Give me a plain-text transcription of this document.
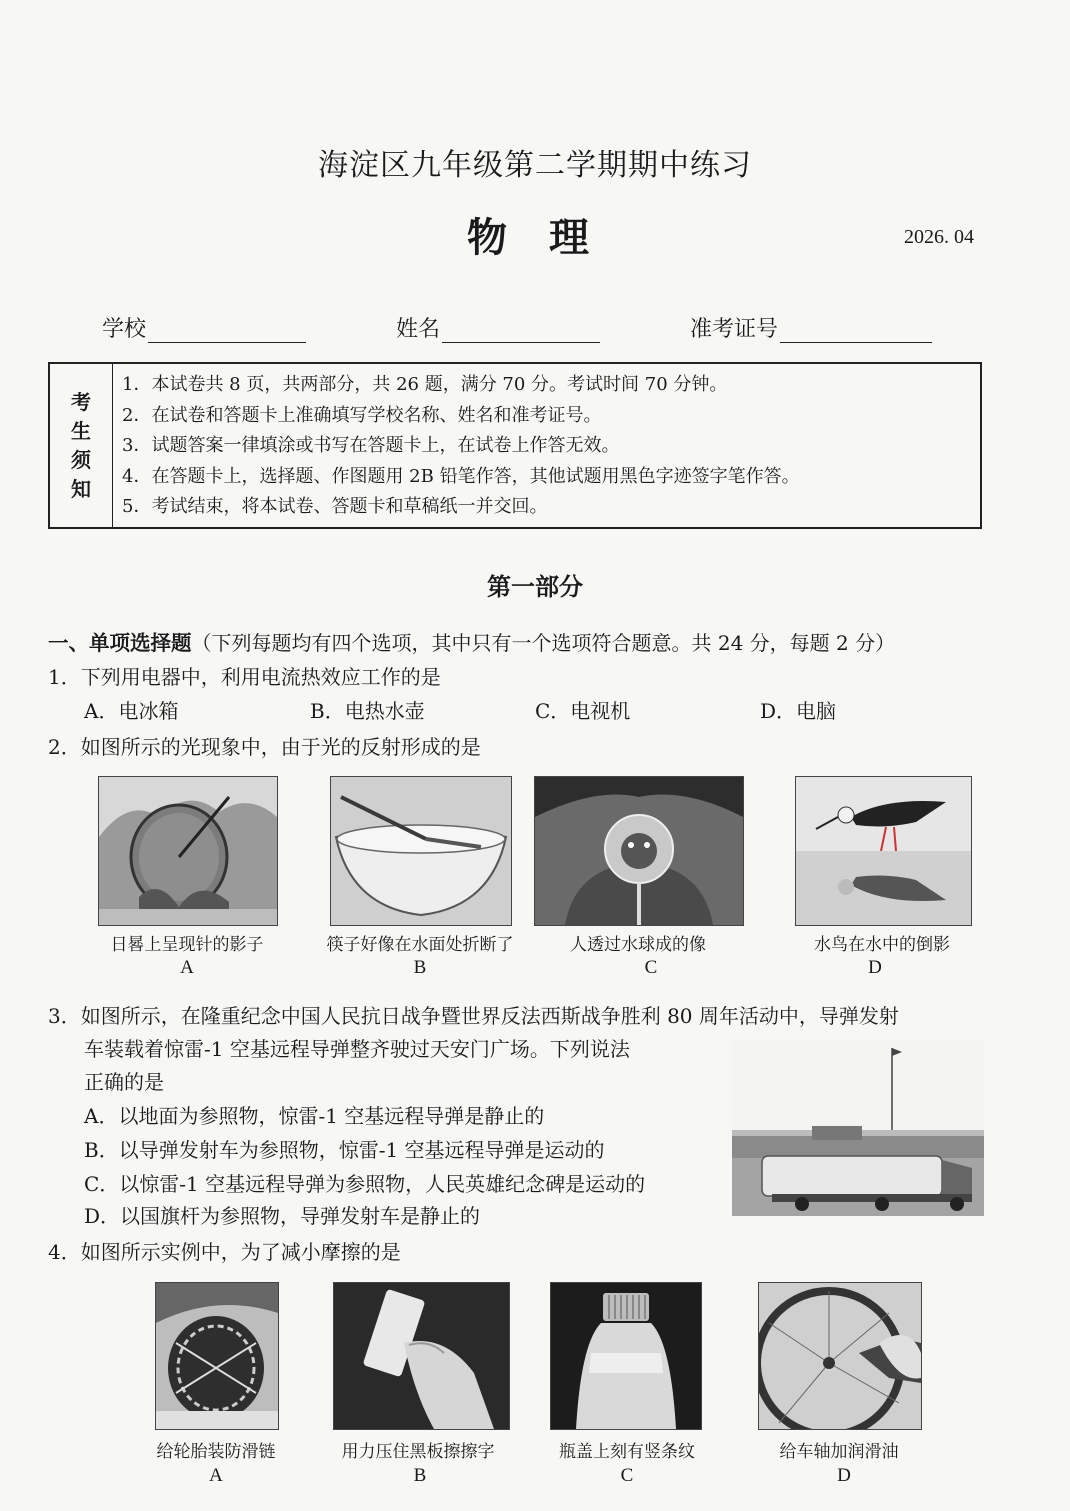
海淀区九年级第二学期期中练习
物 理	2026. 04
学校	姓名	准考证号
考
生
须
知
1．本试卷共 8 页，共两部分，共 26 题，满分 70 分。考试时间 70 分钟。
2．在试卷和答题卡上准确填写学校名称、姓名和准考证号。
3．试题答案一律填涂或书写在答题卡上，在试卷上作答无效。
4．在答题卡上，选择题、作图题用 2B 铅笔作答，其他试题用黑色字迹签字笔作答。
5．考试结束，将本试卷、答题卡和草稿纸一并交回。
第一部分
一、单项选择题（下列每题均有四个选项，其中只有一个选项符合题意。共 24 分，每题 2 分）
1．下列用电器中，利用电流热效应工作的是
A．电冰箱	B．电热水壶	C．电视机	D．电脑
2．如图所示的光现象中，由于光的反射形成的是
日晷上呈现针的影子	筷子好像在水面处折断了	人透过水球成的像	水鸟在水中的倒影
A	B	C	D
3．如图所示，在隆重纪念中国人民抗日战争暨世界反法西斯战争胜利 80 周年活动中，导弹发射
车装载着惊雷-1 空基远程导弹整齐驶过天安门广场。下列说法
正确的是
A．以地面为参照物，惊雷-1 空基远程导弹是静止的
B．以导弹发射车为参照物，惊雷-1 空基远程导弹是运动的
C．以惊雷-1 空基远程导弹为参照物，人民英雄纪念碑是运动的
D．以国旗杆为参照物，导弹发射车是静止的
4．如图所示实例中，为了减小摩擦的是
给轮胎装防滑链	用力压住黑板擦擦字	瓶盖上刻有竖条纹	给车轴加润滑油
A	B	C	D
